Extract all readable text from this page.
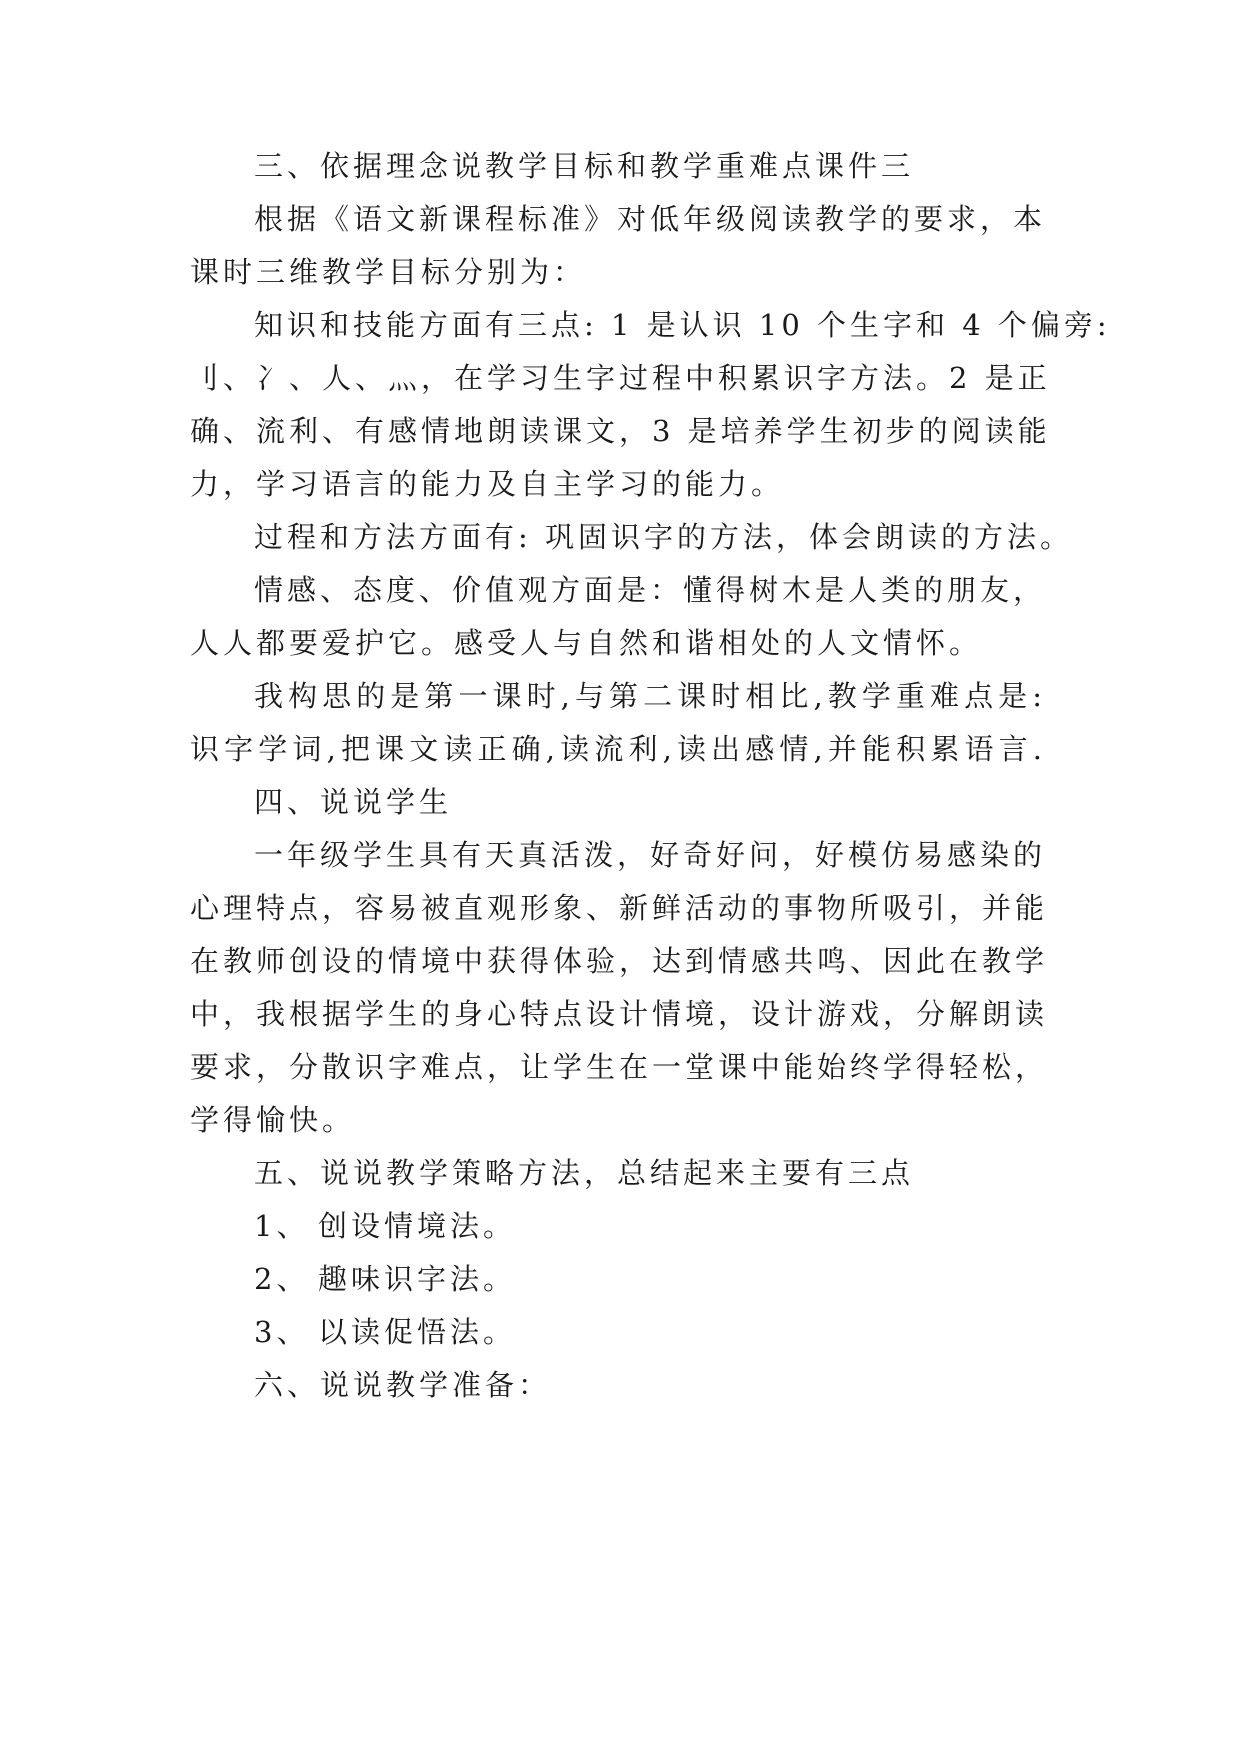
三、依据理念说教学目标和教学重难点课件三
根据《语文新课程标准》对低年级阅读教学的要求，本
课时三维教学目标分别为：
知识和技能方面有三点: 1 是认识 10 个生字和 4 个偏旁:
刂、冫、人、灬，在学习生字过程中积累识字方法。2 是正
确、流利、有感情地朗读课文，3 是培养学生初步的阅读能
力，学习语言的能力及自主学习的能力。
过程和方法方面有: 巩固识字的方法，体会朗读的方法。
情感、态度、价值观方面是：懂得树木是人类的朋友，
人人都要爱护它。感受人与自然和谐相处的人文情怀。
我构思的是第一课时,与第二课时相比,教学重难点是:
识字学词,把课文读正确,读流利,读出感情,并能积累语言.
四、说说学生
一年级学生具有天真活泼，好奇好问，好模仿易感染的
心理特点，容易被直观形象、新鲜活动的事物所吸引，并能
在教师创设的情境中获得体验，达到情感共鸣、因此在教学
中，我根据学生的身心特点设计情境，设计游戏，分解朗读
要求，分散识字难点，让学生在一堂课中能始终学得轻松，
学得愉快。
五、说说教学策略方法，总结起来主要有三点
1、 创设情境法。
2、 趣味识字法。
3、 以读促悟法。
六、说说教学准备：
